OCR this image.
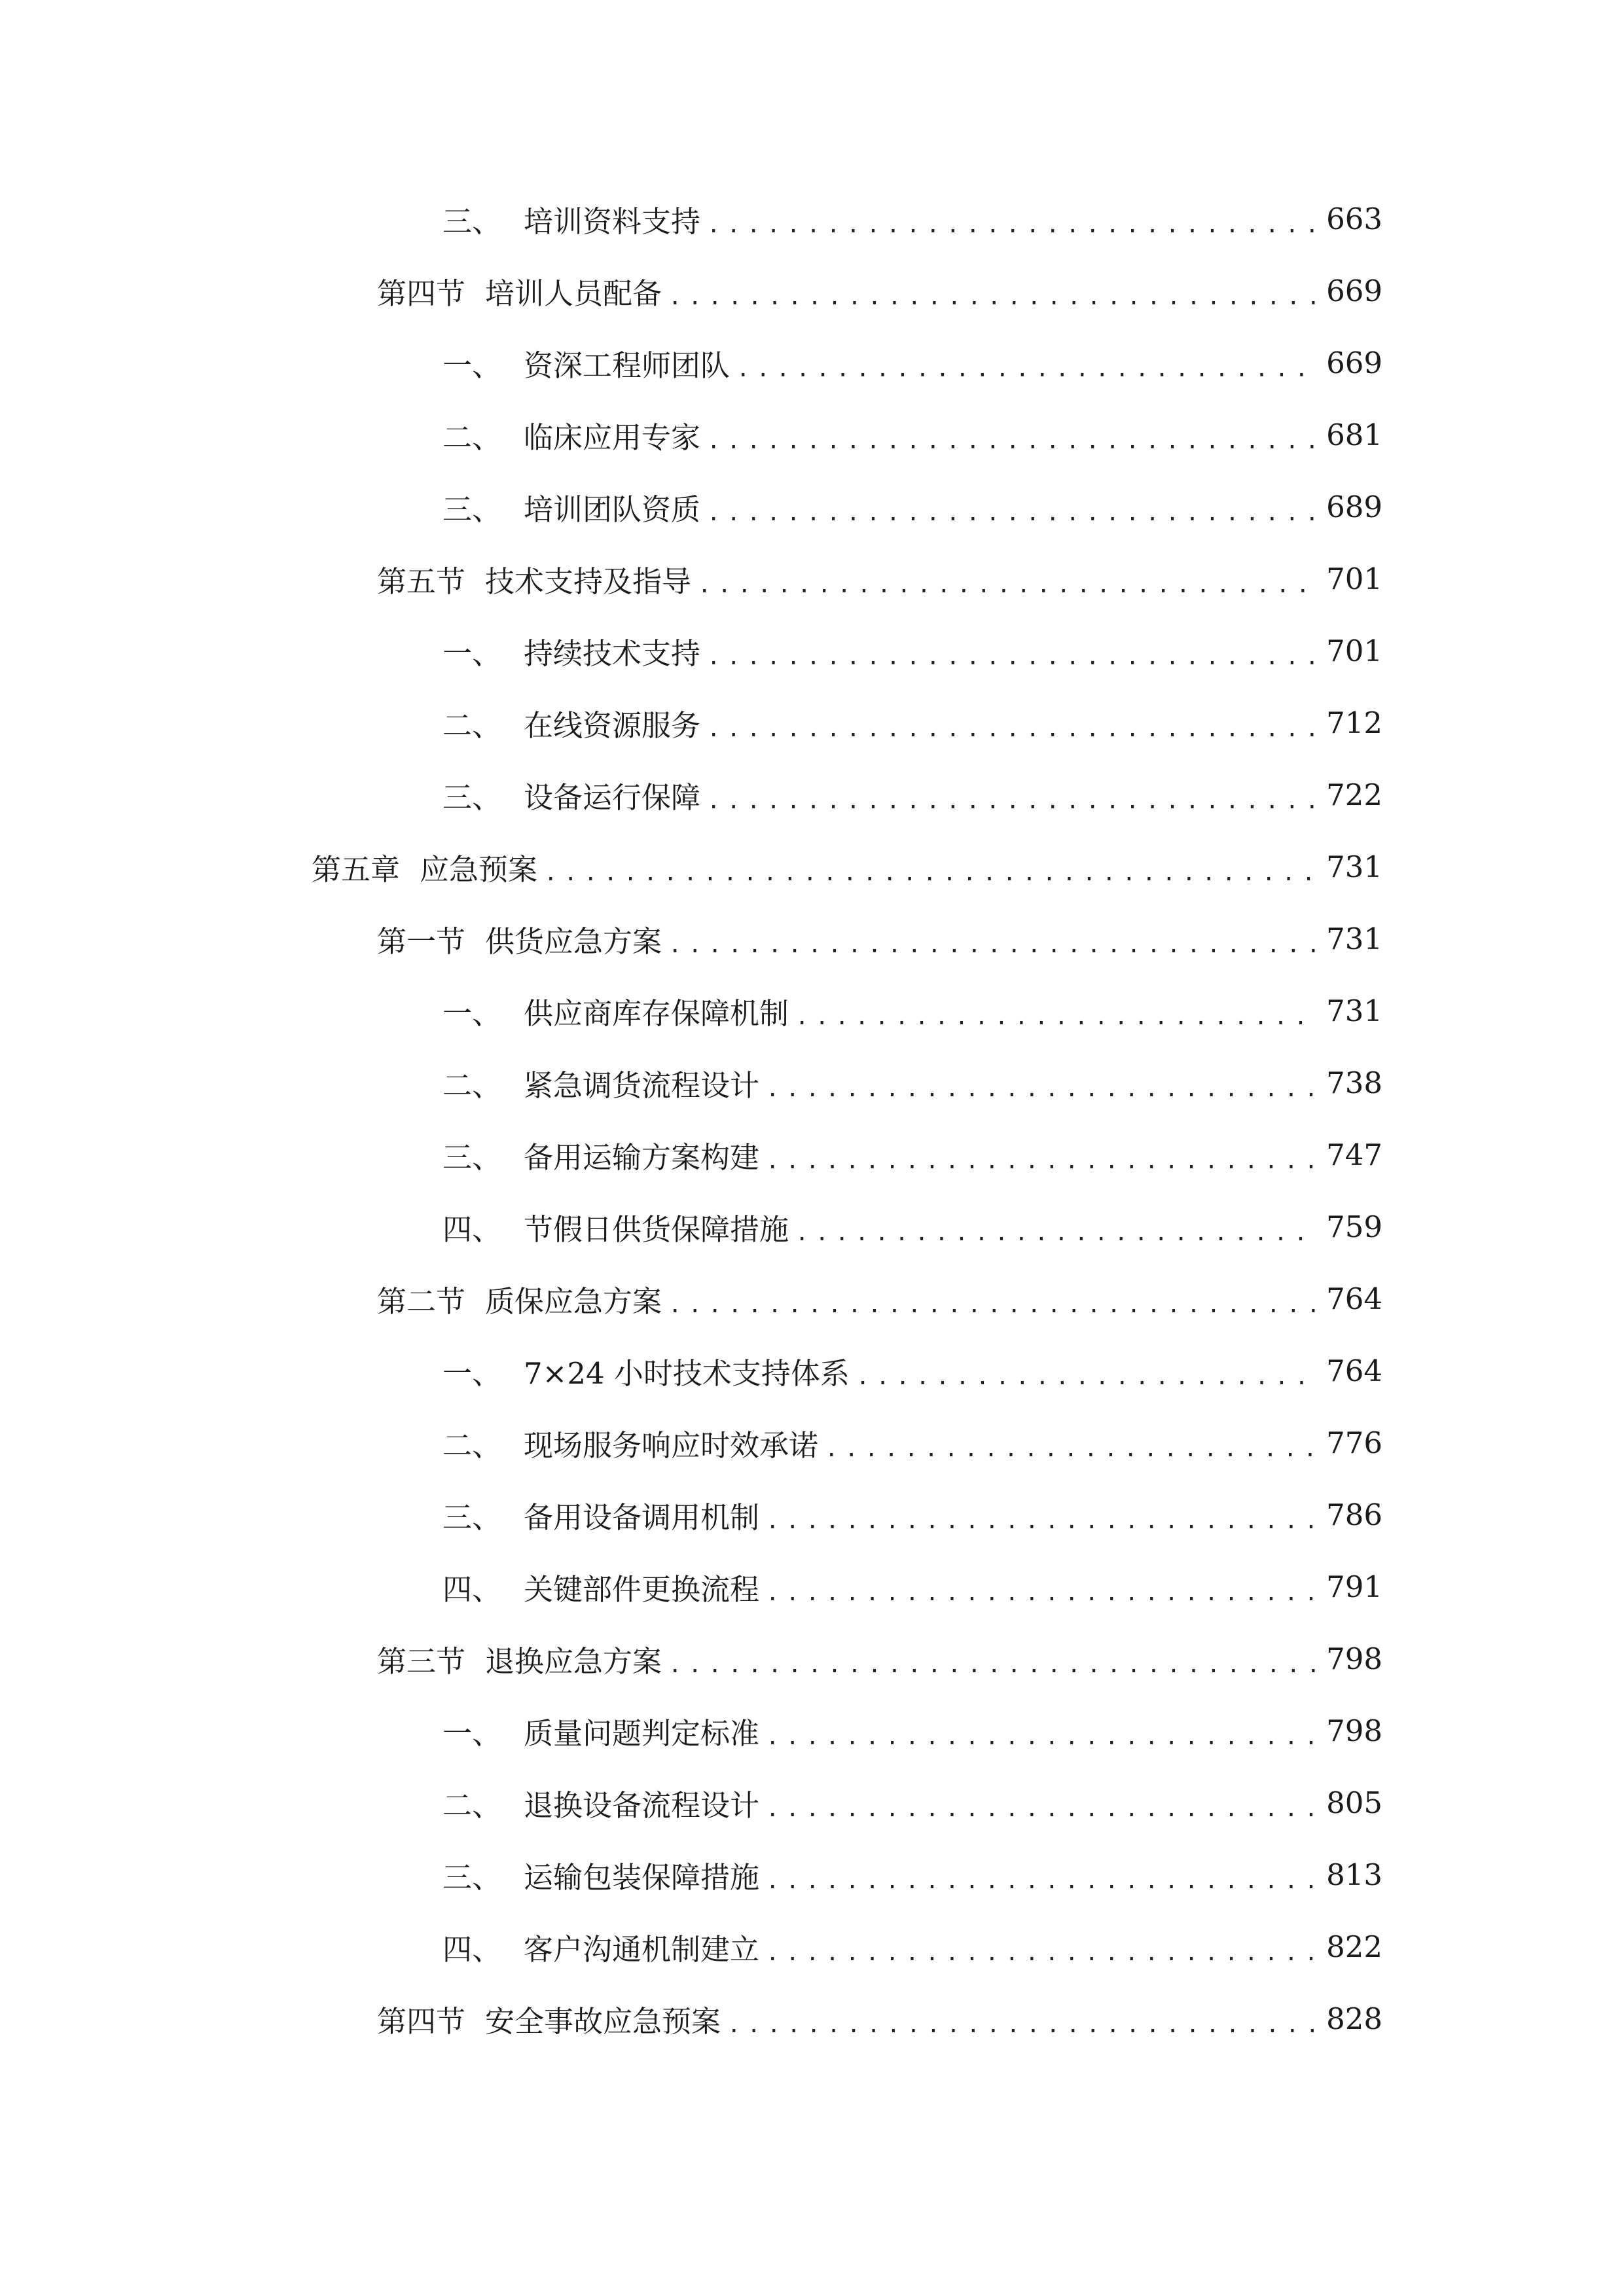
三、 培训资料支持 .....	663
第四节 培训人员配备 .....	669
一、 资深工程师团队 .....	669
二、 临床应用专家 .....	681
三、 培训团队资质 .....	689
第五节 技术支持及指导 .....	701
一、 持续技术支持 .....	701
二、 在线资源服务 .....	712
三、 设备运行保障 .....	722
第五章 应急预案 .....	731
第一节 供货应急方案 .....	731
一、 供应商库存保障机制 .....	731
二、 紧急调货流程设计 .....	738
三、 备用运输方案构建 .....	747
四、 节假日供货保障措施 .....	759
第二节 质保应急方案 .....	764
一、 7×24 小时技术支持体系 .....	764
二、 现场服务响应时效承诺 .....	776
三、 备用设备调用机制 .....	786
四、 关键部件更换流程 .....	791
第三节 退换应急方案 .....	798
一、 质量问题判定标准 .....	798
二、 退换设备流程设计 .....	805
三、 运输包装保障措施 .....	813
四、 客户沟通机制建立 .....	822
第四节 安全事故应急预案 .....	828
